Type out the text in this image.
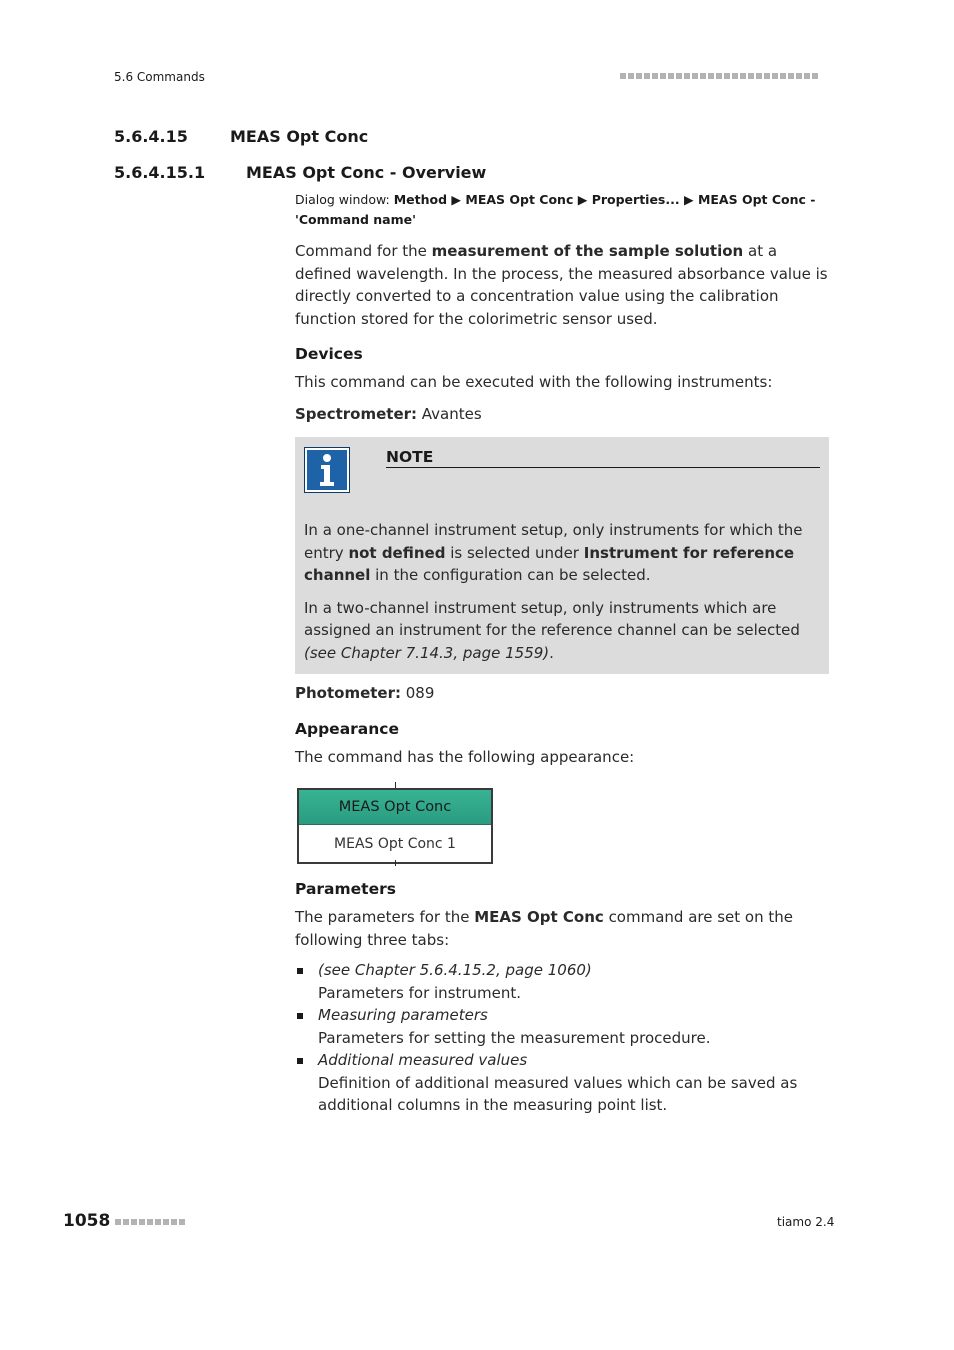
5.6 Commands
5.6.4.15	MEAS Opt Conc
5.6.4.15.1	MEAS Opt Conc - Overview
Dialog window: Method ▶ MEAS Opt Conc ▶ Properties... ▶ MEAS Opt Conc -
'Command name'

Command for the measurement of the sample solution at a defined wavelength. In the process, the measured absorbance value is directly converted to a concentration value using the calibration function stored for the colorimetric sensor used.

Devices

This command can be executed with the following instruments:

Spectrometer: Avantes

NOTE

In a one-channel instrument setup, only instruments for which the entry not defined is selected under Instrument for reference channel in the configuration can be selected.

In a two-channel instrument setup, only instruments which are assigned an instrument for the reference channel can be selected (see Chapter 7.14.3, page 1559).

Photometer: 089

Appearance

The command has the following appearance:

MEAS Opt Conc
MEAS Opt Conc 1
Parameters

The parameters for the MEAS Opt Conc command are set on the following three tabs:

(see Chapter 5.6.4.15.2, page 1060)
Parameters for instrument.
Measuring parameters
Parameters for setting the measurement procedure.
Additional measured values
Definition of additional measured values which can be saved as additional columns in the measuring point list.
1058	tiamo 2.4
